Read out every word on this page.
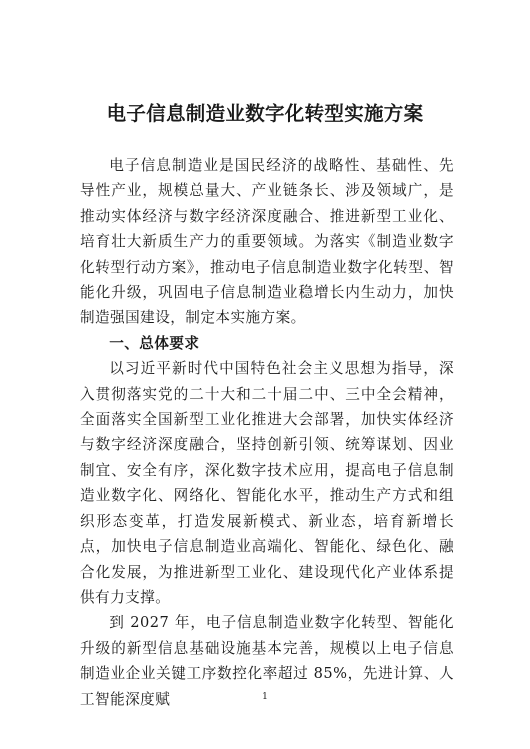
电子信息制造业数字化转型实施方案

电子信息制造业是国民经济的战略性、基础性、先导性产业，规模总量大、产业链条长、涉及领域广，是推动实体经济与数字经济深度融合、推进新型工业化、培育壮大新质生产力的重要领域。为落实《制造业数字化转型行动方案》，推动电子信息制造业数字化转型、智能化升级，巩固电子信息制造业稳增长内生动力，加快制造强国建设，制定本实施方案。

一、总体要求

以习近平新时代中国特色社会主义思想为指导，深入贯彻落实党的二十大和二十届二中、三中全会精神，全面落实全国新型工业化推进大会部署，加快实体经济与数字经济深度融合，坚持创新引领、统筹谋划、因业制宜、安全有序，深化数字技术应用，提高电子信息制造业数字化、网络化、智能化水平，推动生产方式和组织形态变革，打造发展新模式、新业态，培育新增长点，加快电子信息制造业高端化、智能化、绿色化、融合化发展，为推进新型工业化、建设现代化产业体系提供有力支撑。

到 2027 年，电子信息制造业数字化转型、智能化升级的新型信息基础设施基本完善，规模以上电子信息制造业企业关键工序数控化率超过 85%，先进计算、人工智能深度赋	1
